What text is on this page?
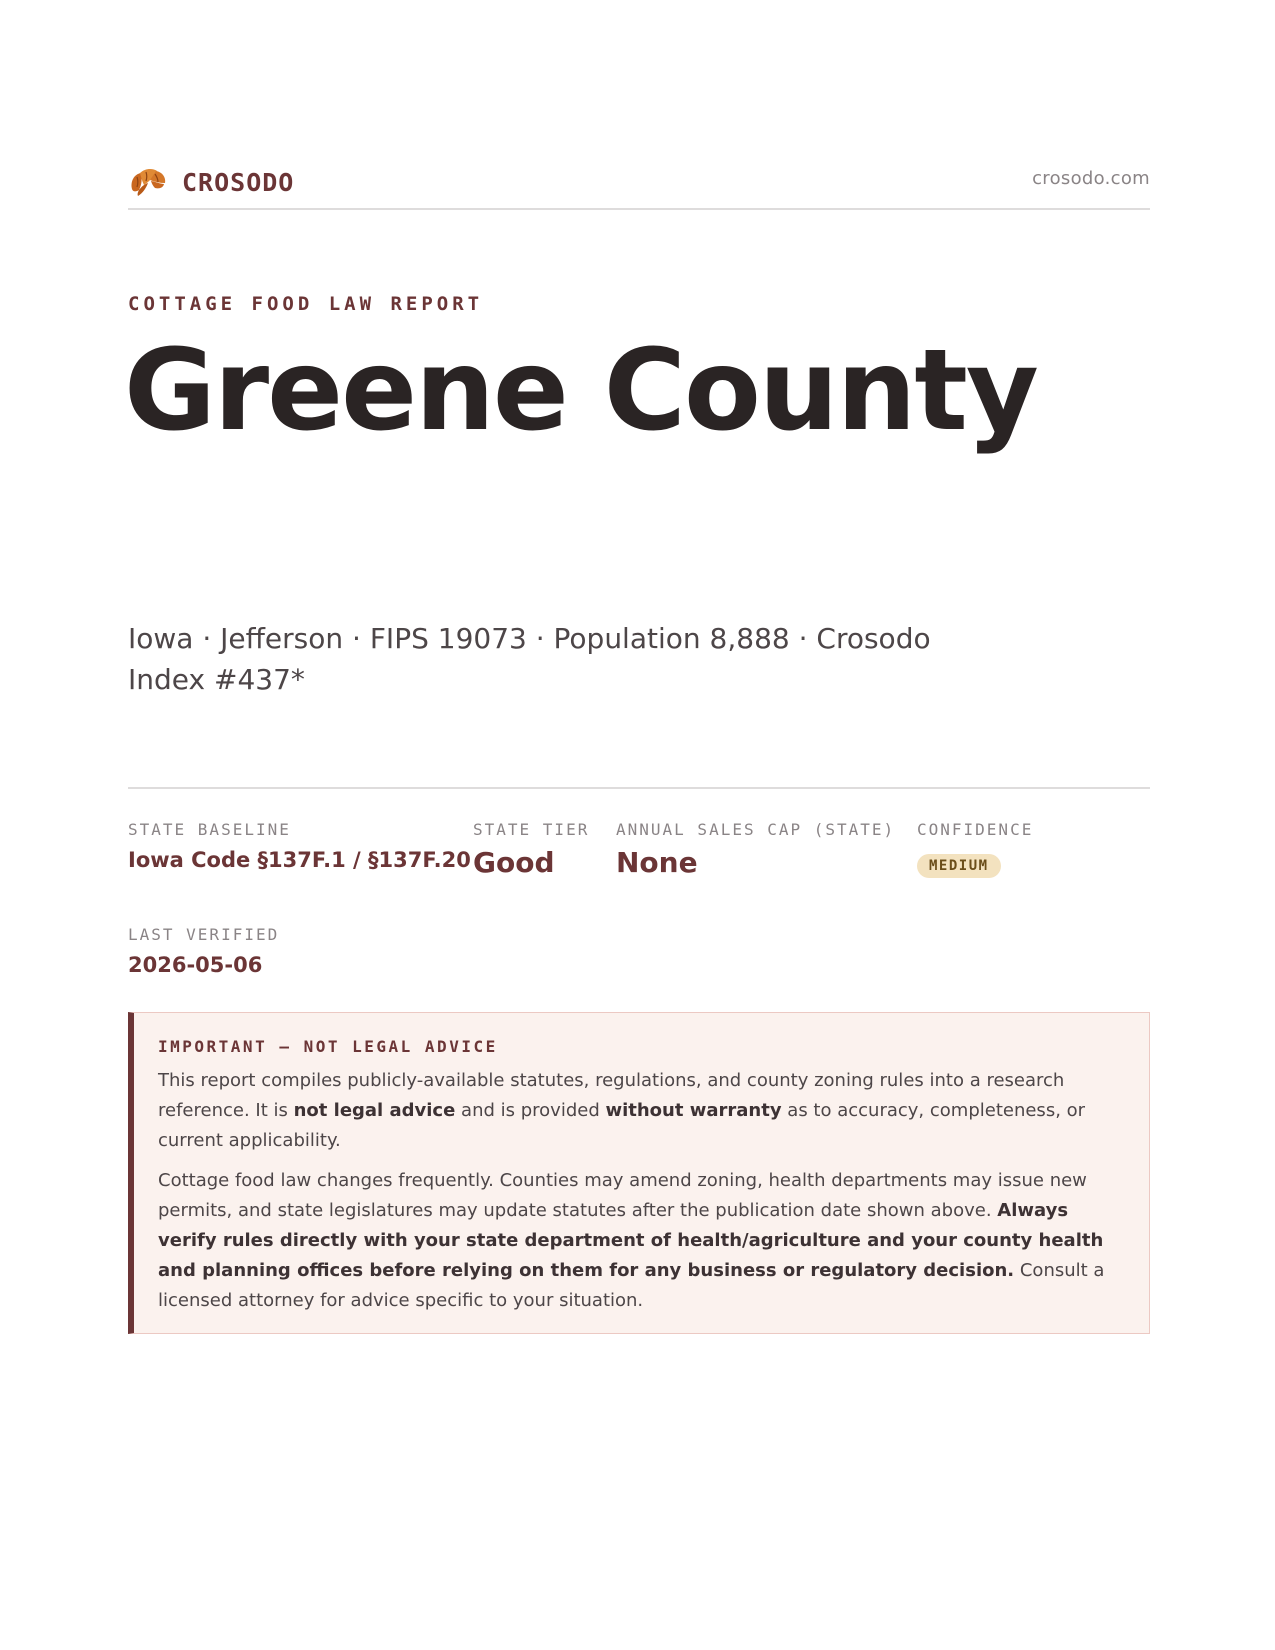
CROSODO	crosodo.com
COTTAGE FOOD LAW REPORT
Greene County
Iowa · Jefferson · FIPS 19073 · Population 8,888 · Crosodo Index #437*
STATE BASELINE
Iowa Code §137F.1 / §137F.20
STATE TIER
Good
ANNUAL SALES CAP (STATE)
None
CONFIDENCE
MEDIUM
LAST VERIFIED
2026-05-06
IMPORTANT — NOT LEGAL ADVICE

This report compiles publicly-available statutes, regulations, and county zoning rules into a research reference. It is not legal advice and is provided without warranty as to accuracy, completeness, or current applicability.

Cottage food law changes frequently. Counties may amend zoning, health departments may issue new permits, and state legislatures may update statutes after the publication date shown above. Always verify rules directly with your state department of health/agriculture and your county health and planning offices before relying on them for any business or regulatory decision. Consult a licensed attorney for advice specific to your situation.
